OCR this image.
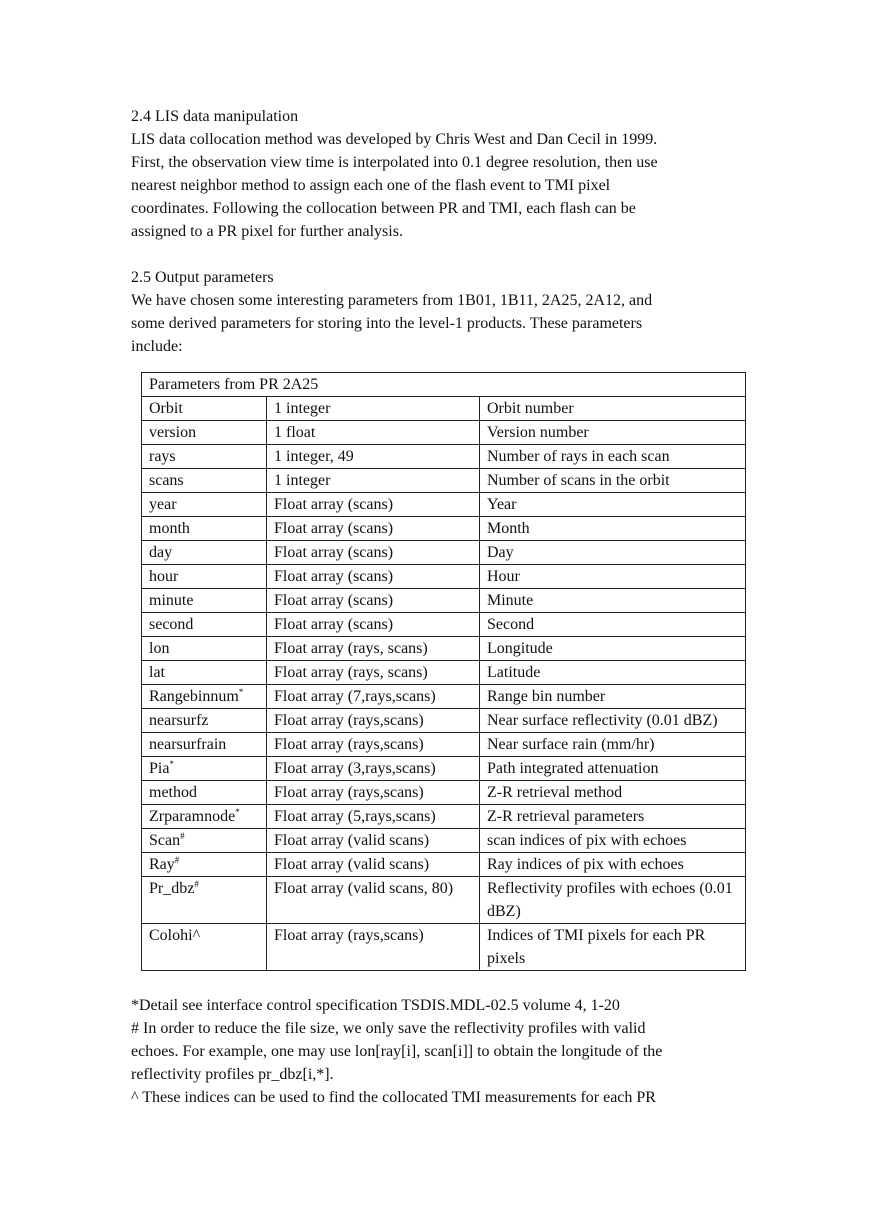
2.4 LIS data manipulation

LIS data collocation method was developed by Chris West and Dan Cecil in 1999.
First, the observation view time is interpolated into 0.1 degree resolution, then use
nearest neighbor method to assign each one of the flash event to TMI pixel
coordinates. Following the collocation between PR and TMI, each flash can be
assigned to a PR pixel for further analysis.

2.5 Output parameters

We have chosen some interesting parameters from 1B01, 1B11, 2A25, 2A12, and
some derived parameters for storing into the level-1 products. These parameters
include:
Parameters from PR 2A25		
Orbit	1 integer	Orbit number
version	1 float	Version number
rays	1 integer, 49	Number of rays in each scan
scans	1 integer	Number of scans in the orbit
year	Float array (scans)	Year
month	Float array (scans)	Month
day	Float array (scans)	Day
hour	Float array (scans)	Hour
minute	Float array (scans)	Minute
second	Float array (scans)	Second
lon	Float array (rays, scans)	Longitude
lat	Float array (rays, scans)	Latitude
Rangebinnum*	Float array (7,rays,scans)	Range bin number
nearsurfz	Float array (rays,scans)	Near surface reflectivity (0.01 dBZ)
nearsurfrain	Float array (rays,scans)	Near surface rain (mm/hr)
Pia*	Float array (3,rays,scans)	Path integrated attenuation
method	Float array (rays,scans)	Z-R retrieval method
Zrparamnode*	Float array (5,rays,scans)	Z-R retrieval parameters
Scan#	Float array (valid scans)	scan indices of pix with echoes
Ray#	Float array (valid scans)	Ray indices of pix with echoes
Pr_dbz#	Float array (valid scans, 80)	Reflectivity profiles with echoes (0.01 dBZ)
Colohi^	Float array (rays,scans)	Indices of TMI pixels for each PR pixels
*Detail see interface control specification TSDIS.MDL-02.5 volume 4, 1-20
# In order to reduce the file size, we only save the reflectivity profiles with valid
echoes. For example, one may use lon[ray[i], scan[i]] to obtain the longitude of the
reflectivity profiles pr_dbz[i,*].
^ These indices can be used to find the collocated TMI measurements for each PR
